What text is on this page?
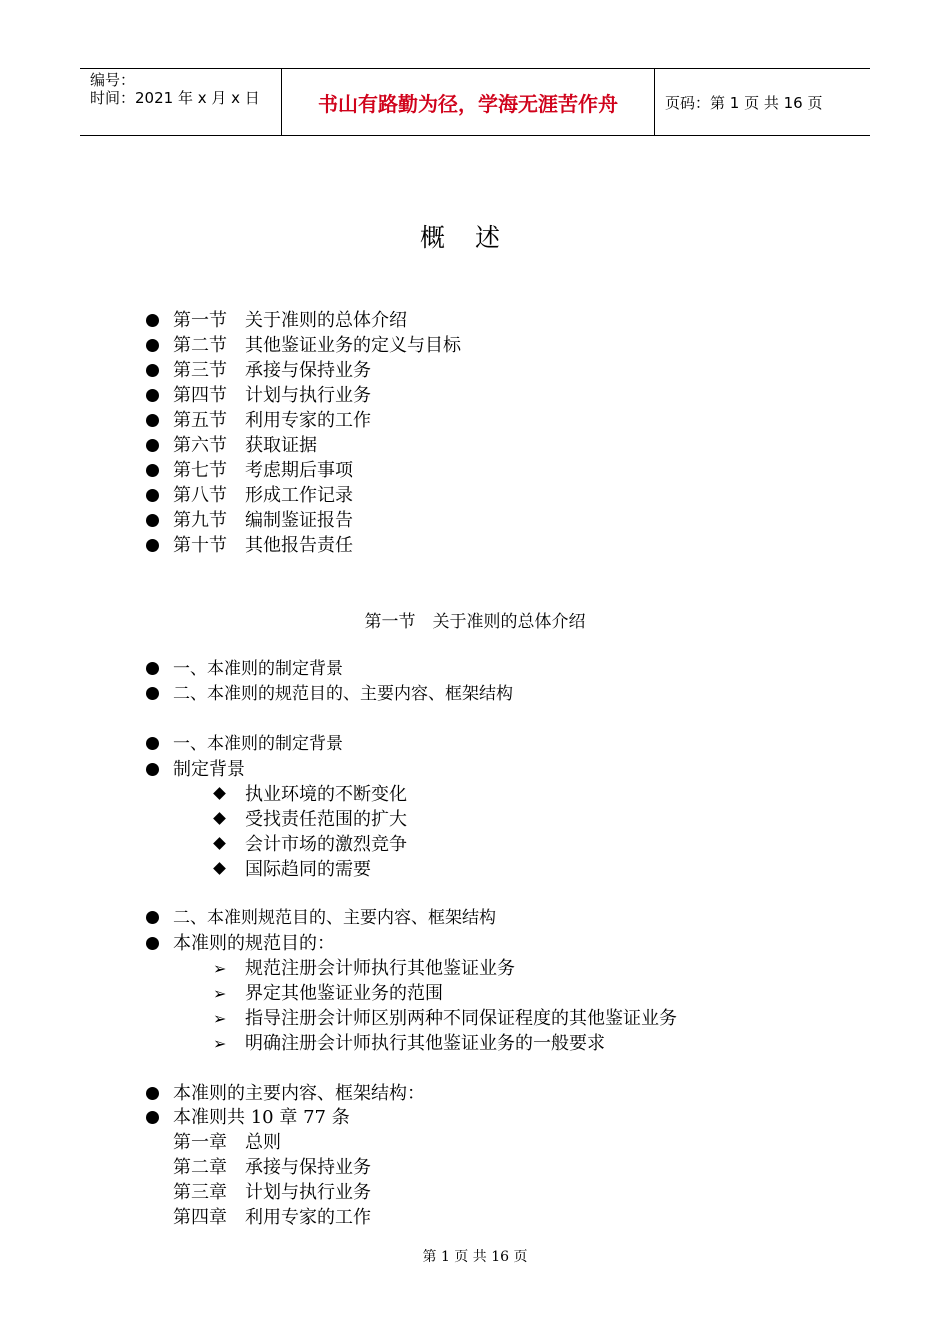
编号：
时间：2021 年 x 月 x 日	书山有路勤为径，学海无涯苦作舟	页码：第 1 页 共 16 页
概述
第一节　关于准则的总体介绍
第二节　其他鉴证业务的定义与目标
第三节　承接与保持业务
第四节　计划与执行业务
第五节　利用专家的工作
第六节　获取证据
第七节　考虑期后事项
第八节　形成工作记录
第九节　编制鉴证报告
第十节　其他报告责任
第一节　关于准则的总体介绍
一、本准则的制定背景
二、本准则的规范目的、主要内容、框架结构
一、本准则的制定背景
制定背景
执业环境的不断变化
受找责任范围的扩大
会计市场的激烈竞争
国际趋同的需要
二、本准则规范目的、主要内容、框架结构
本准则的规范目的：
➢ 规范注册会计师执行其他鉴证业务
➢ 界定其他鉴证业务的范围
➢ 指导注册会计师区别两种不同保证程度的其他鉴证业务
➢ 明确注册会计师执行其他鉴证业务的一般要求
本准则的主要内容、框架结构：
本准则共 10 章 77 条
第一章　总则
第二章　承接与保持业务
第三章　计划与执行业务
第四章　利用专家的工作
第 1 页 共 16 页
